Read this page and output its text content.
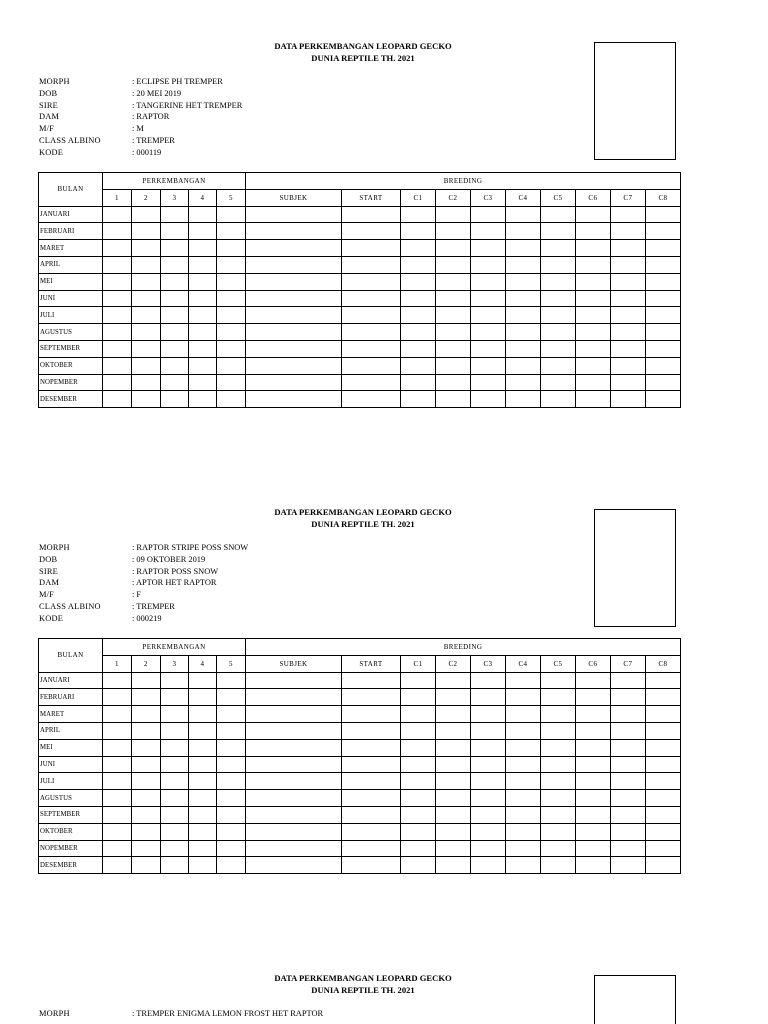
DATA PERKEMBANGAN LEOPARD GECKO
DUNIA REPTILE TH. 2021
MORPH	: ECLIPSE PH TREMPER
DOB	: 20 MEI 2019
SIRE	: TANGERINE HET TREMPER
DAM	: RAPTOR
M/F	: M
CLASS ALBINO	: TREMPER
KODE	: 000119
BULAN	PERKEMBANGAN					BREEDING									
	1	2	3	4	5	SUBJEK	START	C1	C2	C3	C4	C5	C6	C7	C8
JANUARI															
FEBRUARI															
MARET															
APRIL															
MEI															
JUNI															
JULI															
AGUSTUS															
SEPTEMBER															
OKTOBER															
NOPEMBER															
DESEMBER															
DATA PERKEMBANGAN LEOPARD GECKO
DUNIA REPTILE TH. 2021
MORPH	: RAPTOR STRIPE POSS SNOW
DOB	: 09 OKTOBER 2019
SIRE	: RAPTOR POSS SNOW
DAM	: APTOR HET RAPTOR
M/F	: F
CLASS ALBINO	: TREMPER
KODE	: 000219
BULAN	PERKEMBANGAN					BREEDING									
	1	2	3	4	5	SUBJEK	START	C1	C2	C3	C4	C5	C6	C7	C8
JANUARI															
FEBRUARI															
MARET															
APRIL															
MEI															
JUNI															
JULI															
AGUSTUS															
SEPTEMBER															
OKTOBER															
NOPEMBER															
DESEMBER															
DATA PERKEMBANGAN LEOPARD GECKO
DUNIA REPTILE TH. 2021
MORPH	: TREMPER ENIGMA LEMON FROST HET RAPTOR
